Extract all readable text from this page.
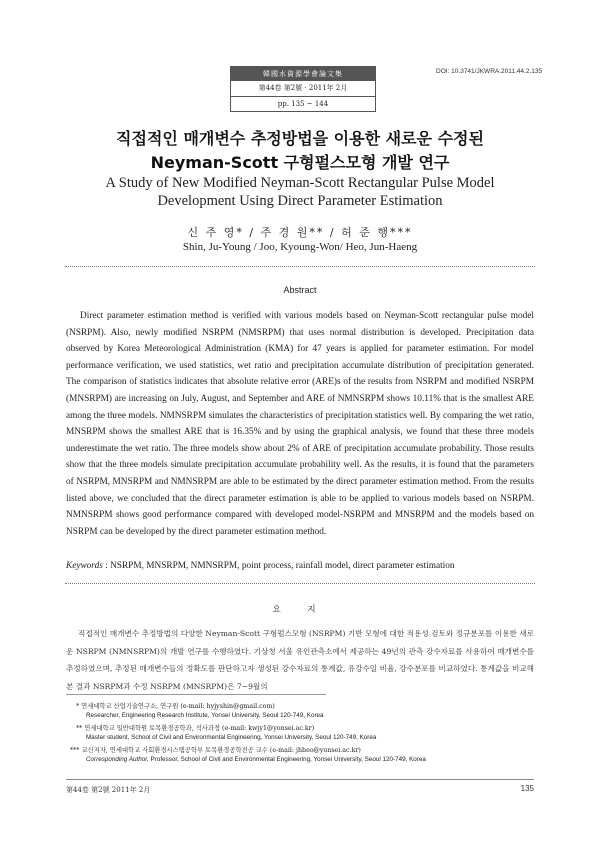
韓國水資源學會論文集
第44卷 第2號 · 2011年 2月
pp. 135 ~ 144
DOI: 10.3741/JKWRA.2011.44.2.135
직접적인 매개변수 추정방법을 이용한 새로운 수정된
Neyman-Scott 구형펄스모형 개발 연구
A Study of New Modified Neyman-Scott Rectangular Pulse Model
Development Using Direct Parameter Estimation
신 주 영* / 주 경 원** / 허 준 행***
Shin, Ju-Young / Joo, Kyoung-Won/ Heo, Jun-Haeng
Abstract

Direct parameter estimation method is verified with various models based on Neyman-Scott rectangular pulse model (NSRPM). Also, newly modified NSRPM (NMSRPM) that uses normal distribution is developed. Precipitation data observed by Korea Meteorological Administration (KMA) for 47 years is applied for parameter estimation. For model performance verification, we used statistics, wet ratio and precipitation accumulate distribution of precipitation generated. The comparison of statistics indicates that absolute relative error (ARE)s of the results from NSRPM and modified NSRPM (MNSRPM) are increasing on July, August, and September and ARE of NMNSRPM shows 10.11% that is the smallest ARE among the three models. NMNSRPM simulates the characteristics of precipitation statistics well. By comparing the wet ratio, MNSRPM shows the smallest ARE that is 16.35% and by using the graphical analysis, we found that these three models underestimate the wet ratio. The three models show about 2% of ARE of precipitation accumulate probability. Those results show that the three models simulate precipitation accumulate probability well. As the results, it is found that the parameters of NSRPM, MNSRPM and NMNSRPM are able to be estimated by the direct parameter estimation method. From the results listed above, we concluded that the direct parameter estimation is able to be applied to various models based on NSRPM. NMNSRPM shows good performance compared with developed model-NSRPM and MNSRPM and the models based on NSRPM can be developed by the direct parameter estimation method.

Keywords : NSRPM, MNSRPM, NMNSRPM, point process, rainfall model, direct parameter estimation
요 지

직접적인 매개변수 추정방법의 다양한 Neyman-Scott 구형펄스모형 (NSRPM) 기반 모형에 대한 적용성 검토와 정규분포를 이용한 새로운 NSRPM (NMNSRPM)의 개발 연구를 수행하였다. 기상청 서울 유인관측소에서 제공하는 49년의 관측 강수자료를 사용하여 매개변수를 추정하였으며, 추정된 매개변수들의 정확도를 판단하고자 생성된 강수자료의 통계값, 유강수일 비율, 강수분포를 비교하였다. 통계값을 비교해본 결과 NSRPM과 수정 NSRPM (MNSRPM)은 7~9월의

* 연세대학교 산업기술연구소, 연구원 (e-mail: hyjyshin@gmail.com)
Researcher, Engineering Research Institute, Yonsei University, Seoul 120-749, Korea
** 연세대학교 일반대학원 토목환경공학과, 석사과정 (e-mail: kwjy1@yonsei.ac.kr)
Master student, School of Civil and Environmental Engineering, Yonsei University, Seoul 120-749, Korea
*** 교신저자, 연세대학교 사회환경시스템공학부 토목환경공학전공 교수 (e-mail: jhheo@yonsei.ac.kr)
Corresponding Author, Professor, School of Civil and Environmental Engineering, Yonsei University, Seoul 120-749, Korea
第44卷 第2號 2011年 2月	135
